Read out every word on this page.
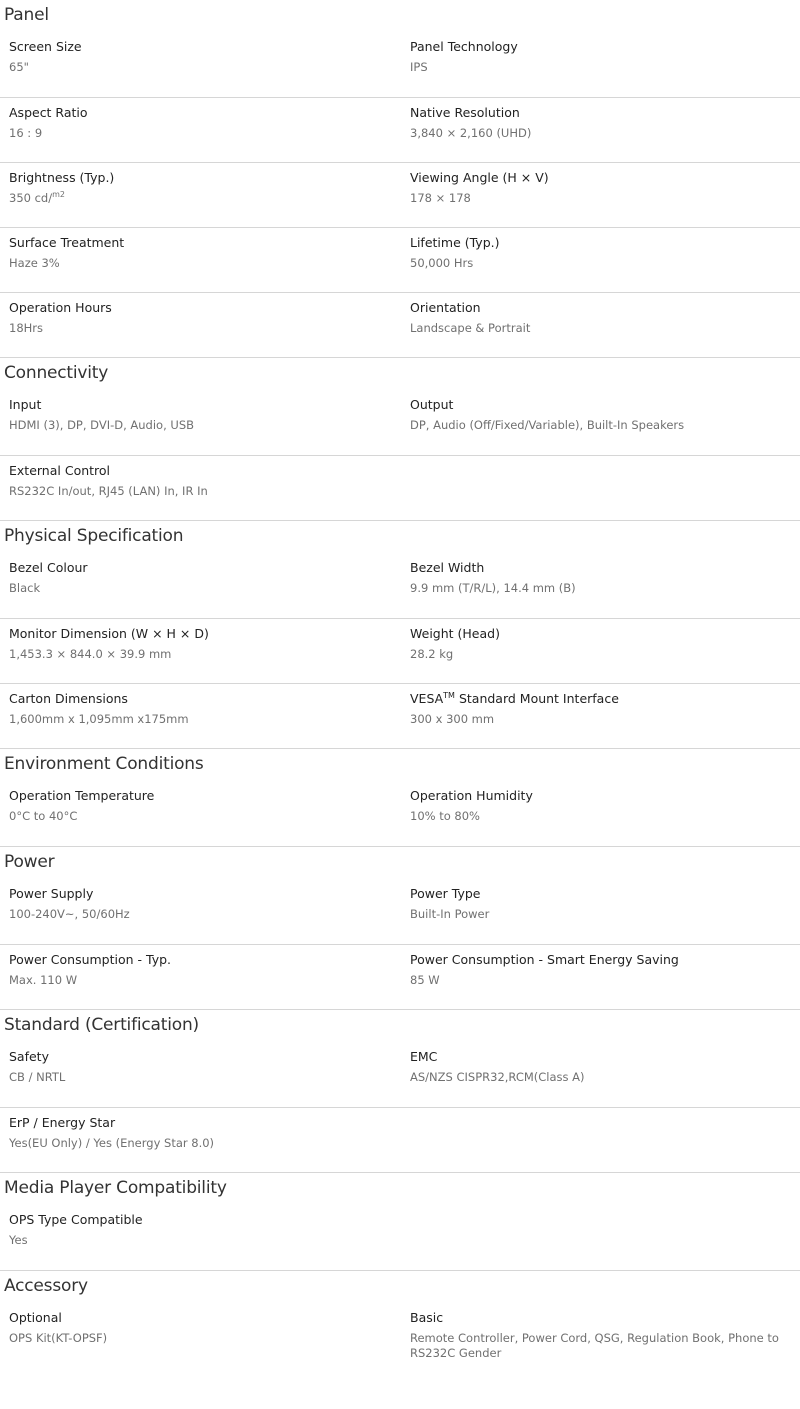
Panel
Screen Size
65"
Panel Technology
IPS
Aspect Ratio
16 : 9
Native Resolution
3,840 × 2,160 (UHD)
Brightness (Typ.)
350 cd/$^{m2}$
Viewing Angle (H × V)
178 × 178
Surface Treatment
Haze 3%
Lifetime (Typ.)
50,000 Hrs
Operation Hours
18Hrs
Orientation
Landscape & Portrait
Connectivity
Input
HDMI (3), DP, DVI-D, Audio, USB
Output
DP, Audio (Off/Fixed/Variable), Built-In Speakers
External Control
RS232C In/out, RJ45 (LAN) In, IR In
Physical Specification
Bezel Colour
Black
Bezel Width
9.9 mm (T/R/L), 14.4 mm (B)
Monitor Dimension (W × H × D)
1,453.3 × 844.0 × 39.9 mm
Weight (Head)
28.2 kg
Carton Dimensions
1,600mm x 1,095mm x175mm
VESA™ Standard Mount Interface
300 x 300 mm
Environment Conditions
Operation Temperature
0°C to 40°C
Operation Humidity
10% to 80%
Power
Power Supply
100-240V~, 50/60Hz
Power Type
Built-In Power
Power Consumption - Typ.
Max. 110 W
Power Consumption - Smart Energy Saving
85 W
Standard (Certification)
Safety
CB / NRTL
EMC
AS/NZS CISPR32,RCM(Class A)
ErP / Energy Star
Yes(EU Only) / Yes (Energy Star 8.0)
Media Player Compatibility
OPS Type Compatible
Yes
Accessory
Optional
OPS Kit(KT-OPSF)
Basic
Remote Controller, Power Cord, QSG, Regulation Book, Phone to RS232C Gender
